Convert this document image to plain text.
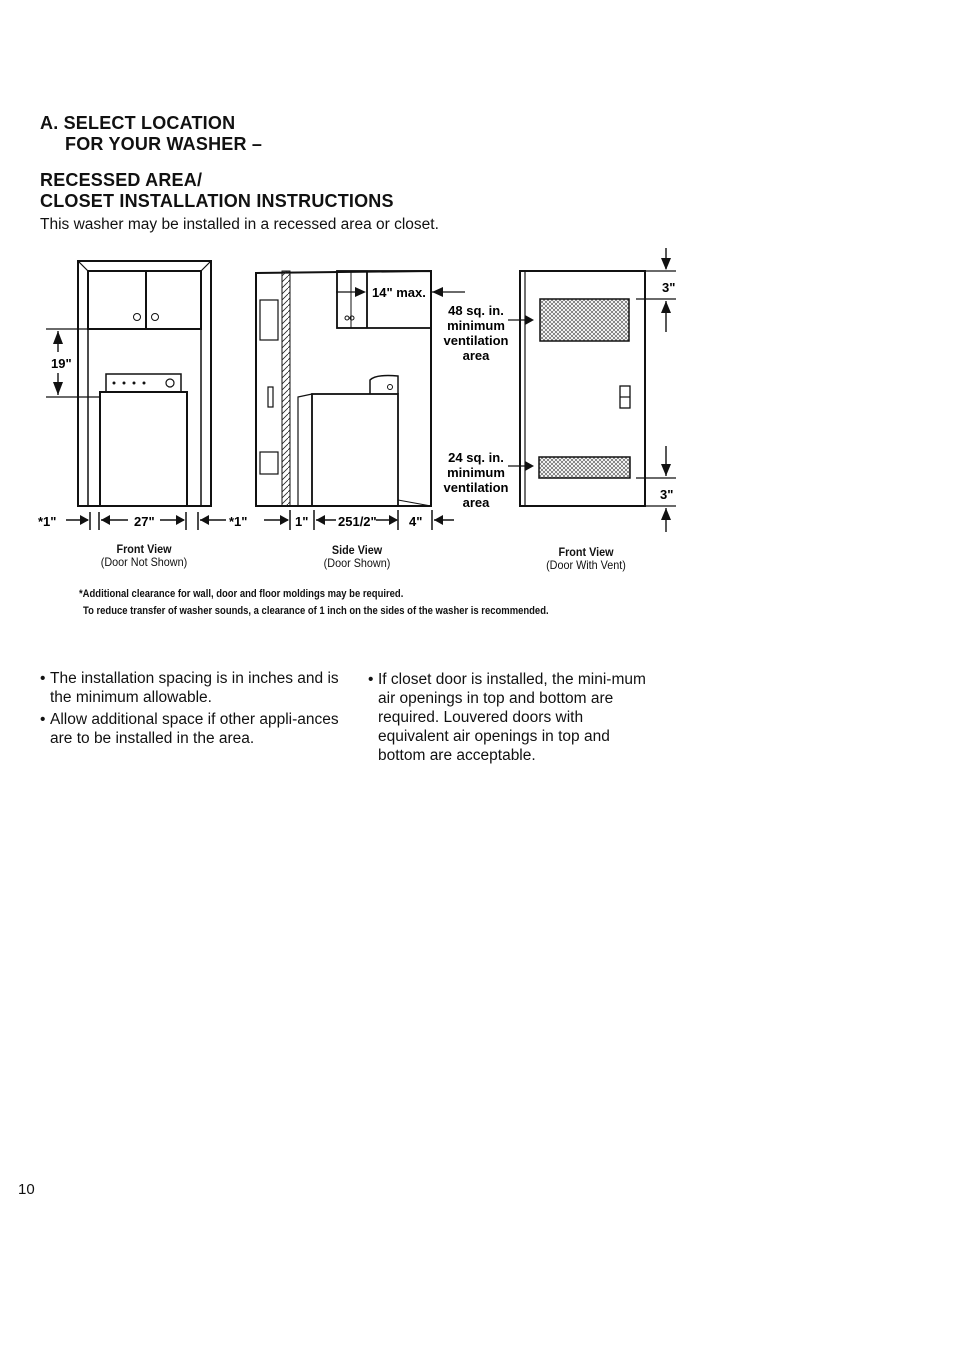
A. SELECT LOCATION
FOR YOUR WASHER –
RECESSED AREA/
CLOSET INSTALLATION INSTRUCTIONS

This washer may be installed in a recessed area or closet.

19"
*1"	27"	*1"
14" max.
1" 251/2" 4"
48 sq. in.
minimum
ventilation
area
24 sq. in.
minimum
ventilation
area
3"
3"
Front View
(Door Not Shown)
Side View
(Door Shown)
Front View
(Door With Vent)
*Additional clearance for wall, door and floor moldings may be required.
To reduce transfer of washer sounds, a clearance of 1 inch on the sides of the washer is recommended.
• The installation spacing is in inches and is the minimum allowable.
• Allow additional space if other appli-ances are to be installed in the area.
• If closet door is installed, the mini-mum air openings in top and bottom are required. Louvered doors with equivalent air openings in top and bottom are acceptable.
10
